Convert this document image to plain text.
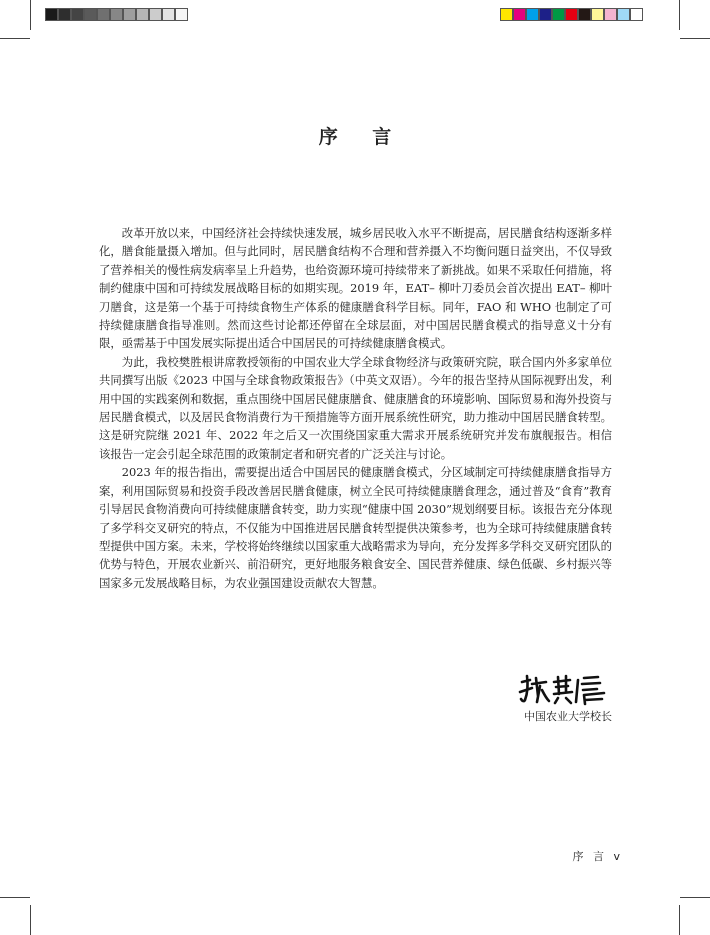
序 言

改革开放以来，中国经济社会持续快速发展，城乡居民收入水平不断提高，居民膳食结构逐渐多样化，膳食能量摄入增加。但与此同时，居民膳食结构不合理和营养摄入不均衡问题日益突出，不仅导致了营养相关的慢性病发病率呈上升趋势，也给资源环境可持续带来了新挑战。如果不采取任何措施，将制约健康中国和可持续发展战略目标的如期实现。2019 年，EAT– 柳叶刀委员会首次提出 EAT– 柳叶刀膳食，这是第一个基于可持续食物生产体系的健康膳食科学目标。同年，FAO 和 WHO 也制定了可持续健康膳食指导准则。然而这些讨论都还停留在全球层面，对中国居民膳食模式的指导意义十分有限，亟需基于中国发展实际提出适合中国居民的可持续健康膳食模式。

为此，我校樊胜根讲席教授领衔的中国农业大学全球食物经济与政策研究院，联合国内外多家单位共同撰写出版《2023 中国与全球食物政策报告》（中英文双语）。今年的报告坚持从国际视野出发，利用中国的实践案例和数据，重点围绕中国居民健康膳食、健康膳食的环境影响、国际贸易和海外投资与居民膳食模式，以及居民食物消费行为干预措施等方面开展系统性研究，助力推动中国居民膳食转型。这是研究院继 2021 年、2022 年之后又一次围绕国家重大需求开展系统研究并发布旗舰报告。相信该报告一定会引起全球范围的政策制定者和研究者的广泛关注与讨论。

2023 年的报告指出，需要提出适合中国居民的健康膳食模式，分区域制定可持续健康膳食指导方案，利用国际贸易和投资手段改善居民膳食健康，树立全民可持续健康膳食理念，通过普及“食育”教育引导居民食物消费向可持续健康膳食转变，助力实现“健康中国 2030”规划纲要目标。该报告充分体现了多学科交叉研究的特点，不仅能为中国推进居民膳食转型提供决策参考，也为全球可持续健康膳食转型提供中国方案。未来，学校将始终继续以国家重大战略需求为导向，充分发挥多学科交叉研究团队的优势与特色，开展农业新兴、前沿研究，更好地服务粮食安全、国民营养健康、绿色低碳、乡村振兴等国家多元发展战略目标，为农业强国建设贡献农大智慧。

中国农业大学校长
序 言 v
